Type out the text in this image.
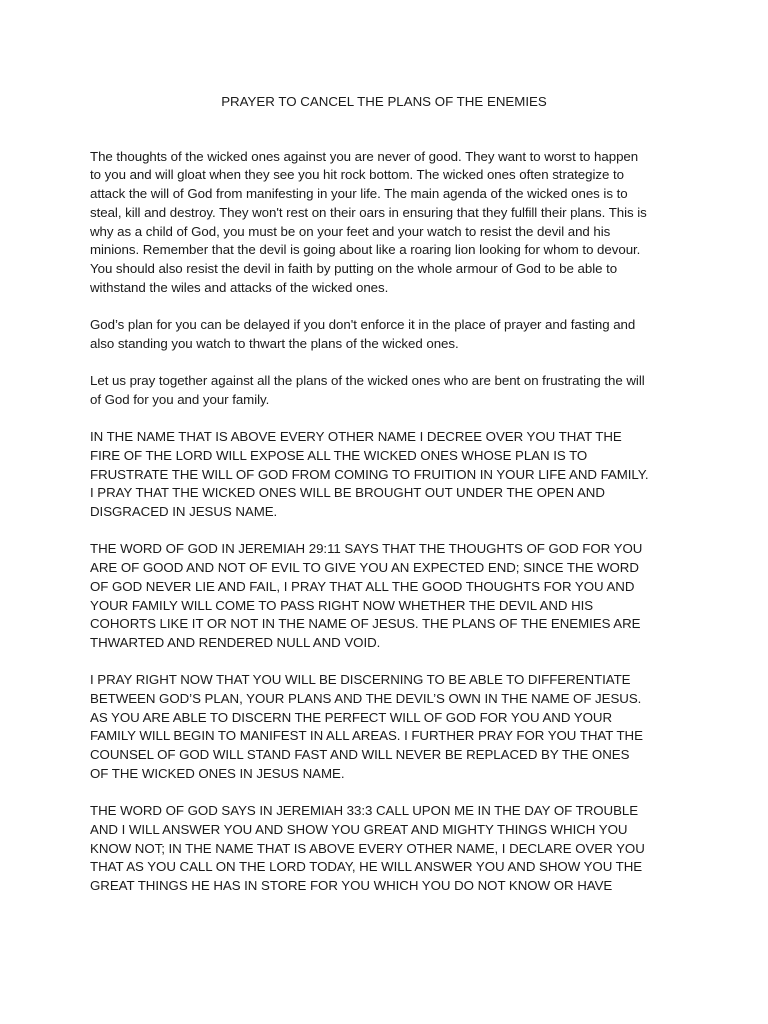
PRAYER TO CANCEL THE PLANS OF THE ENEMIES
The thoughts of the wicked ones against you are never of good. They want to worst to happen
to you and will gloat when they see you hit rock bottom. The wicked ones often strategize to
attack the will of God from manifesting in your life. The main agenda of the wicked ones is to
steal, kill and destroy. They won't rest on their oars in ensuring that they fulfill their plans. This is
why as a child of God, you must be on your feet and your watch to resist the devil and his
minions. Remember that the devil is going about like a roaring lion looking for whom to devour.
You should also resist the devil in faith by putting on the whole armour of God to be able to
withstand the wiles and attacks of the wicked ones.
God’s plan for you can be delayed if you don't enforce it in the place of prayer and fasting and
also standing you watch to thwart the plans of the wicked ones.
Let us pray together against all the plans of the wicked ones who are bent on frustrating the will
of God for you and your family.
IN THE NAME THAT IS ABOVE EVERY OTHER NAME I DECREE OVER YOU THAT THE
FIRE OF THE LORD WILL EXPOSE ALL THE WICKED ONES WHOSE PLAN IS TO
FRUSTRATE THE WILL OF GOD FROM COMING TO FRUITION IN YOUR LIFE AND FAMILY.
I PRAY THAT THE WICKED ONES WILL BE BROUGHT OUT UNDER THE OPEN AND
DISGRACED IN JESUS NAME.
THE WORD OF GOD IN JEREMIAH 29:11 SAYS THAT THE THOUGHTS OF GOD FOR YOU
ARE OF GOOD AND NOT OF EVIL TO GIVE YOU AN EXPECTED END; SINCE THE WORD
OF GOD NEVER LIE AND FAIL, I PRAY THAT ALL THE GOOD THOUGHTS FOR YOU AND
YOUR FAMILY WILL COME TO PASS RIGHT NOW WHETHER THE DEVIL AND HIS
COHORTS LIKE IT OR NOT IN THE NAME OF JESUS. THE PLANS OF THE ENEMIES ARE
THWARTED AND RENDERED NULL AND VOID.
I PRAY RIGHT NOW THAT YOU WILL BE DISCERNING TO BE ABLE TO DIFFERENTIATE
BETWEEN GOD’S PLAN, YOUR PLANS AND THE DEVIL’S OWN IN THE NAME OF JESUS.
AS YOU ARE ABLE TO DISCERN THE PERFECT WILL OF GOD FOR YOU AND YOUR
FAMILY WILL BEGIN TO MANIFEST IN ALL AREAS. I FURTHER PRAY FOR YOU THAT THE
COUNSEL OF GOD WILL STAND FAST AND WILL NEVER BE REPLACED BY THE ONES
OF THE WICKED ONES IN JESUS NAME.
THE WORD OF GOD SAYS IN JEREMIAH 33:3 CALL UPON ME IN THE DAY OF TROUBLE
AND I WILL ANSWER YOU AND SHOW YOU GREAT AND MIGHTY THINGS WHICH YOU
KNOW NOT; IN THE NAME THAT IS ABOVE EVERY OTHER NAME, I DECLARE OVER YOU
THAT AS YOU CALL ON THE LORD TODAY, HE WILL ANSWER YOU AND SHOW YOU THE
GREAT THINGS HE HAS IN STORE FOR YOU WHICH YOU DO NOT KNOW OR HAVE
